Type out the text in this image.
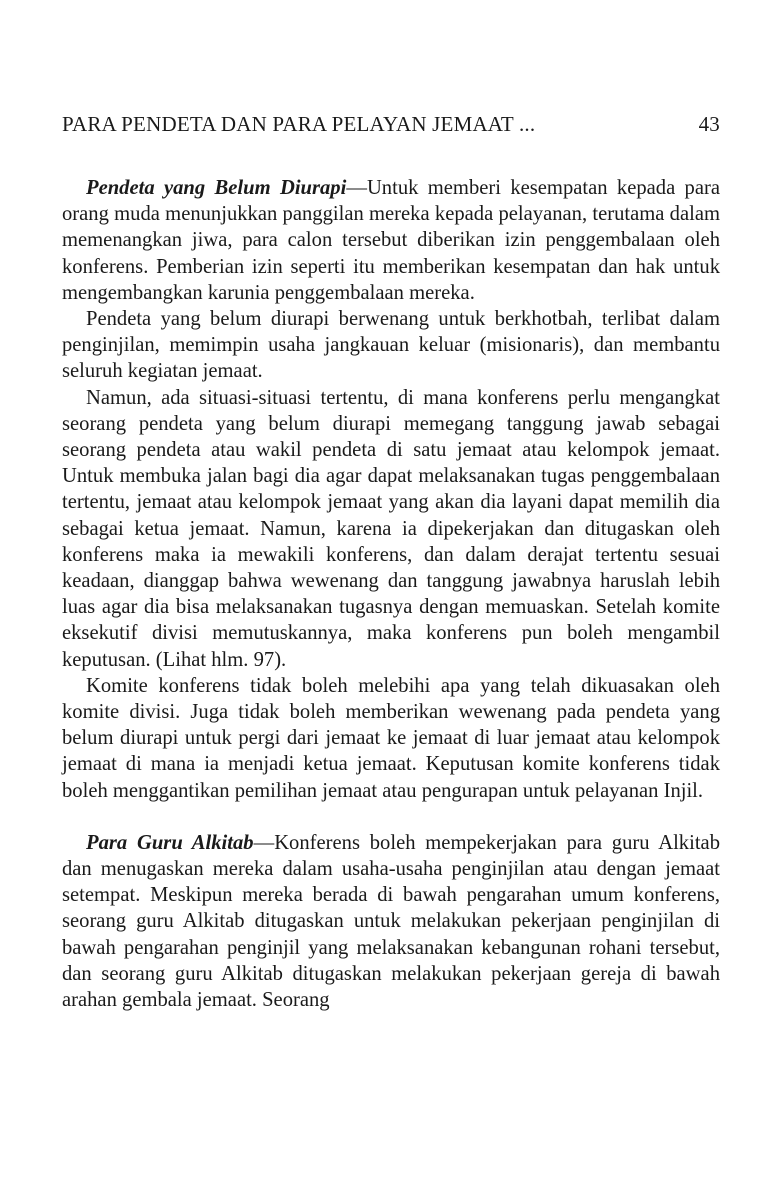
PARA PENDETA DAN PARA PELAYAN JEMAAT ...	43

Pendeta yang Belum Diurapi—Untuk memberi kesempatan kepada para orang muda menunjukkan panggilan mereka kepada pelayanan, terutama dalam memenangkan jiwa, para calon tersebut diberikan izin penggembalaan oleh konferens. Pemberian izin seperti itu memberikan kesempatan dan hak untuk mengembangkan karunia penggembalaan mereka.

Pendeta yang belum diurapi berwenang untuk berkhotbah, terlibat dalam penginjilan, memimpin usaha jangkauan keluar (misionaris), dan membantu seluruh kegiatan jemaat.

Namun, ada situasi-situasi tertentu, di mana konferens perlu mengangkat seorang pendeta yang belum diurapi memegang tanggung jawab sebagai seorang pendeta atau wakil pendeta di satu jemaat atau kelompok jemaat. Untuk membuka jalan bagi dia agar dapat melaksanakan tugas penggembalaan tertentu, jemaat atau kelompok jemaat yang akan dia layani dapat memilih dia sebagai ketua jemaat. Namun, karena ia dipekerjakan dan ditugaskan oleh konferens maka ia mewakili konferens, dan dalam derajat tertentu sesuai keadaan, dianggap bahwa wewenang dan tanggung jawabnya haruslah lebih luas agar dia bisa melaksanakan tugasnya dengan memuaskan. Setelah komite eksekutif divisi memutuskannya, maka konferens pun boleh mengambil keputusan. (Lihat hlm. 97).

Komite konferens tidak boleh melebihi apa yang telah dikuasakan oleh komite divisi. Juga tidak boleh memberikan wewenang pada pendeta yang belum diurapi untuk pergi dari jemaat ke jemaat di luar jemaat atau kelompok jemaat di mana ia menjadi ketua jemaat. Keputusan komite konferens tidak boleh menggantikan pemilihan jemaat atau pengurapan untuk pelayanan Injil.

Para Guru Alkitab—Konferens boleh mempekerjakan para guru Alkitab dan menugaskan mereka dalam usaha-usaha penginjilan atau dengan jemaat setempat. Meskipun mereka berada di bawah pengarahan umum konferens, seorang guru Alkitab ditugaskan untuk melakukan pekerjaan penginjilan di bawah pengarahan penginjil yang melaksanakan kebangunan rohani tersebut, dan seorang guru Alkitab ditugaskan melakukan pekerjaan gereja di bawah arahan gembala jemaat. Seorang
